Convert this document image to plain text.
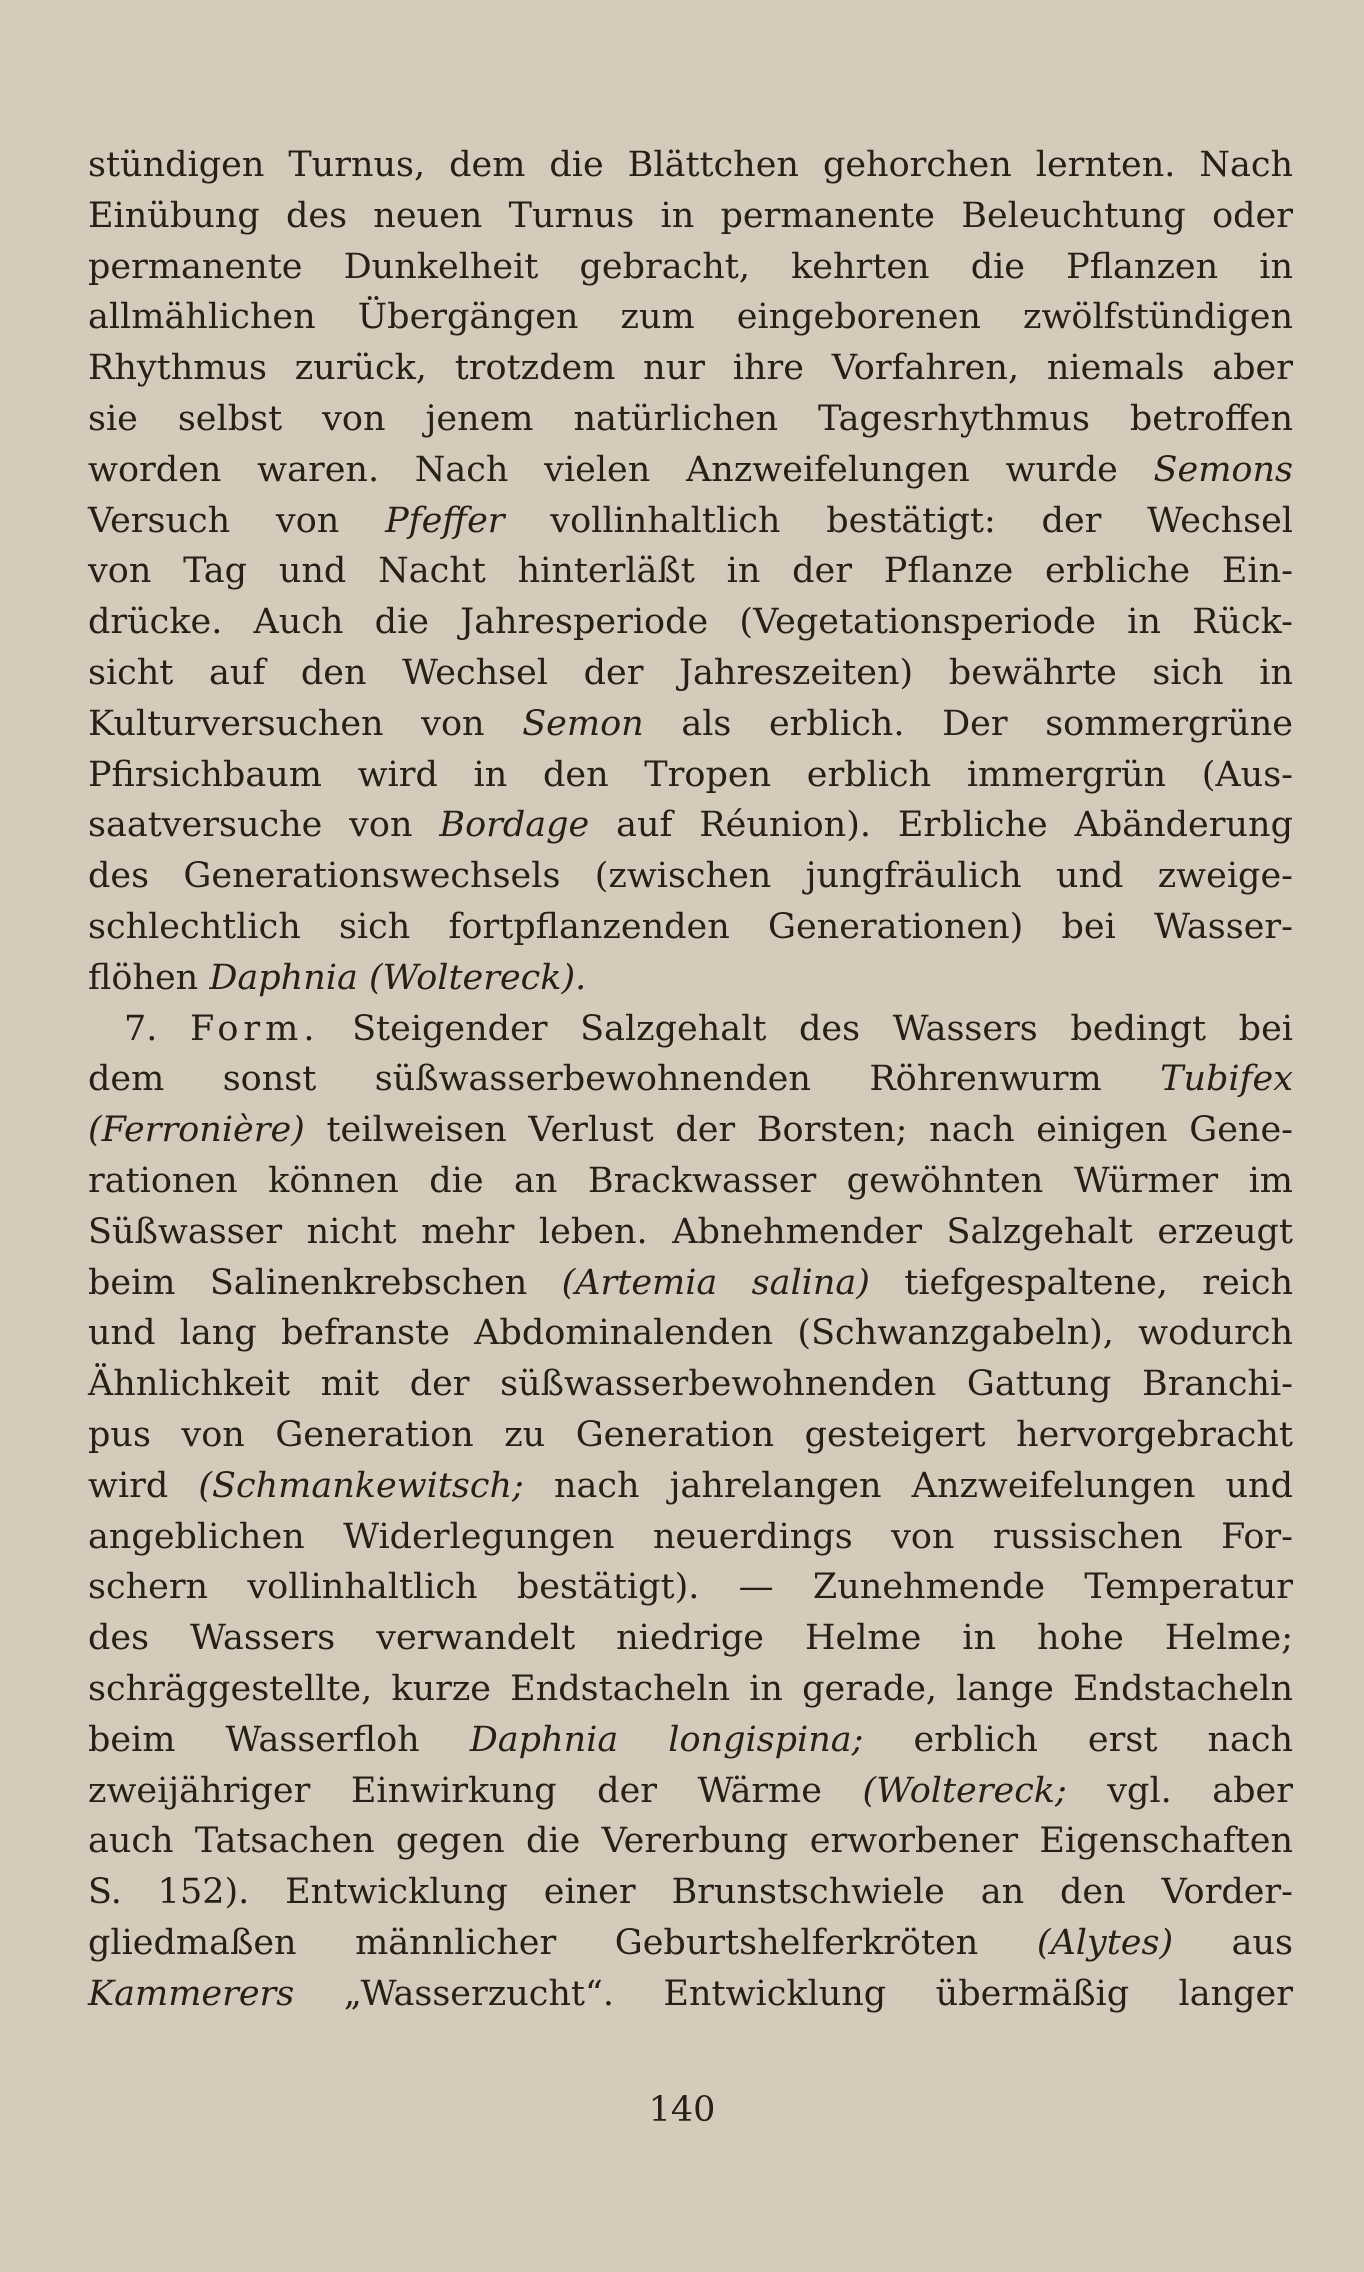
stündigen Turnus, dem die Blättchen gehorchen lernten. Nach
Einübung des neuen Turnus in permanente Beleuchtung oder
permanente Dunkelheit gebracht, kehrten die Pflanzen in
allmählichen Übergängen zum eingeborenen zwölfstündigen
Rhythmus zurück, trotzdem nur ihre Vorfahren, niemals aber
sie selbst von jenem natürlichen Tagesrhythmus betroffen
worden waren. Nach vielen Anzweifelungen wurde Semons
Versuch von Pfeffer vollinhaltlich bestätigt: der Wechsel
von Tag und Nacht hinterläßt in der Pflanze erbliche Ein-
drücke. Auch die Jahresperiode (Vegetationsperiode in Rück-
sicht auf den Wechsel der Jahreszeiten) bewährte sich in
Kulturversuchen von Semon als erblich. Der sommergrüne
Pfirsichbaum wird in den Tropen erblich immergrün (Aus-
saatversuche von Bordage auf Réunion). Erbliche Abänderung
des Generationswechsels (zwischen jungfräulich und zweige-
schlechtlich sich fortpflanzenden Generationen) bei Wasser-
flöhen Daphnia (Woltereck).
7. Form. Steigender Salzgehalt des Wassers bedingt bei
dem sonst süßwasserbewohnenden Röhrenwurm Tubifex
(Ferronière) teilweisen Verlust der Borsten; nach einigen Gene-
rationen können die an Brackwasser gewöhnten Würmer im
Süßwasser nicht mehr leben. Abnehmender Salzgehalt erzeugt
beim Salinenkrebschen (Artemia salina) tiefgespaltene, reich
und lang befranste Abdominalenden (Schwanzgabeln), wodurch
Ähnlichkeit mit der süßwasserbewohnenden Gattung Branchi-
pus von Generation zu Generation gesteigert hervorgebracht
wird (Schmankewitsch; nach jahrelangen Anzweifelungen und
angeblichen Widerlegungen neuerdings von russischen For-
schern vollinhaltlich bestätigt). — Zunehmende Temperatur
des Wassers verwandelt niedrige Helme in hohe Helme;
schräggestellte, kurze Endstacheln in gerade, lange Endstacheln
beim Wasserfloh Daphnia longispina; erblich erst nach
zweijähriger Einwirkung der Wärme (Woltereck; vgl. aber
auch Tatsachen gegen die Vererbung erworbener Eigenschaften
S. 152). Entwicklung einer Brunstschwiele an den Vorder-
gliedmaßen männlicher Geburtshelferkröten (Alytes) aus
Kammerers „Wasserzucht“. Entwicklung übermäßig langer
140
